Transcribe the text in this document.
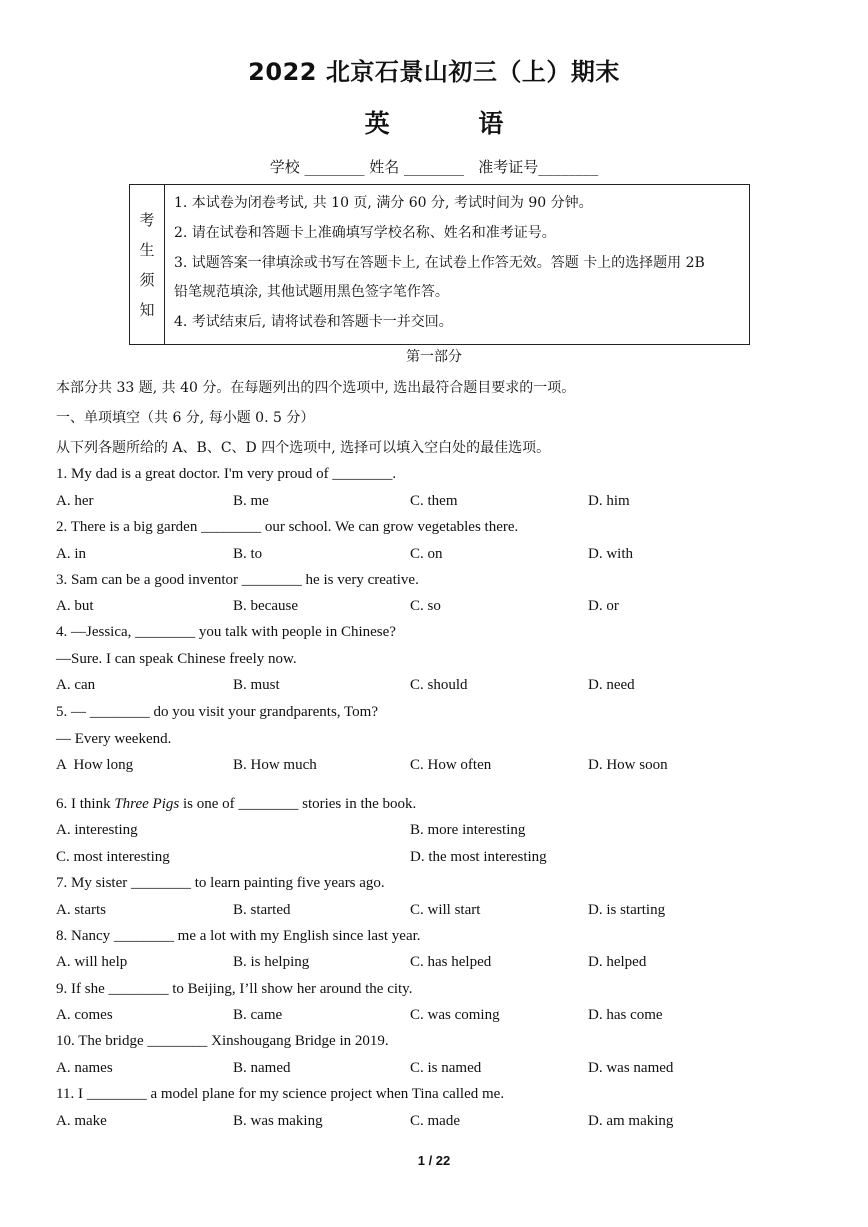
2022 北京石景山初三（上）期末
英 语
学校 ________ 姓名 ________   准考证号________
考
生
须
知
1. 本试卷为闭卷考试, 共 10 页, 满分 60 分, 考试时间为 90 分钟。
2. 请在试卷和答题卡上准确填写学校名称、姓名和准考证号。
3. 试题答案一律填涂或书写在答题卡上, 在试卷上作答无效。答题 卡上的选择题用 2B
铅笔规范填涂, 其他试题用黑色签字笔作答。
4. 考试结束后, 请将试卷和答题卡一并交回。
第一部分
本部分共 33 题, 共 40 分。在每题列出的四个选项中, 选出最符合题目要求的一项。
一、单项填空（共 6 分, 每小题 0. 5 分）
从下列各题所给的 A、B、C、D 四个选项中, 选择可以填入空白处的最佳选项。
1. My dad is a great doctor. I'm very proud of ________.
A. her	B. me	C. them	D. him
2. There is a big garden ________ our school. We can grow vegetables there.
A. in	B. to	C. on	D. with
3. Sam can be a good inventor ________ he is very creative.
A. but	B. because	C. so	D. or
4. —Jessica, ________ you talk with people in Chinese?
—Sure. I can speak Chinese freely now.
A. can	B. must	C. should	D. need
5. — ________ do you visit your grandparents, Tom?
— Every weekend.
A  How long	B. How much	C. How often	D. How soon
6. I think Three Pigs is one of ________ stories in the book.
A. interesting	B. more interesting
C. most interesting	D. the most interesting
7. My sister ________ to learn painting five years ago.
A. starts	B. started	C. will start	D. is starting
8. Nancy ________ me a lot with my English since last year.
A. will help	B. is helping	C. has helped	D. helped
9. If she ________ to Beijing, I’ll show her around the city.
A. comes	B. came	C. was coming	D. has come
10. The bridge ________ Xinshougang Bridge in 2019.
A. names	B. named	C. is named	D. was named
11. I ________ a model plane for my science project when Tina called me.
A. make	B. was making	C. made	D. am making
1 / 22
